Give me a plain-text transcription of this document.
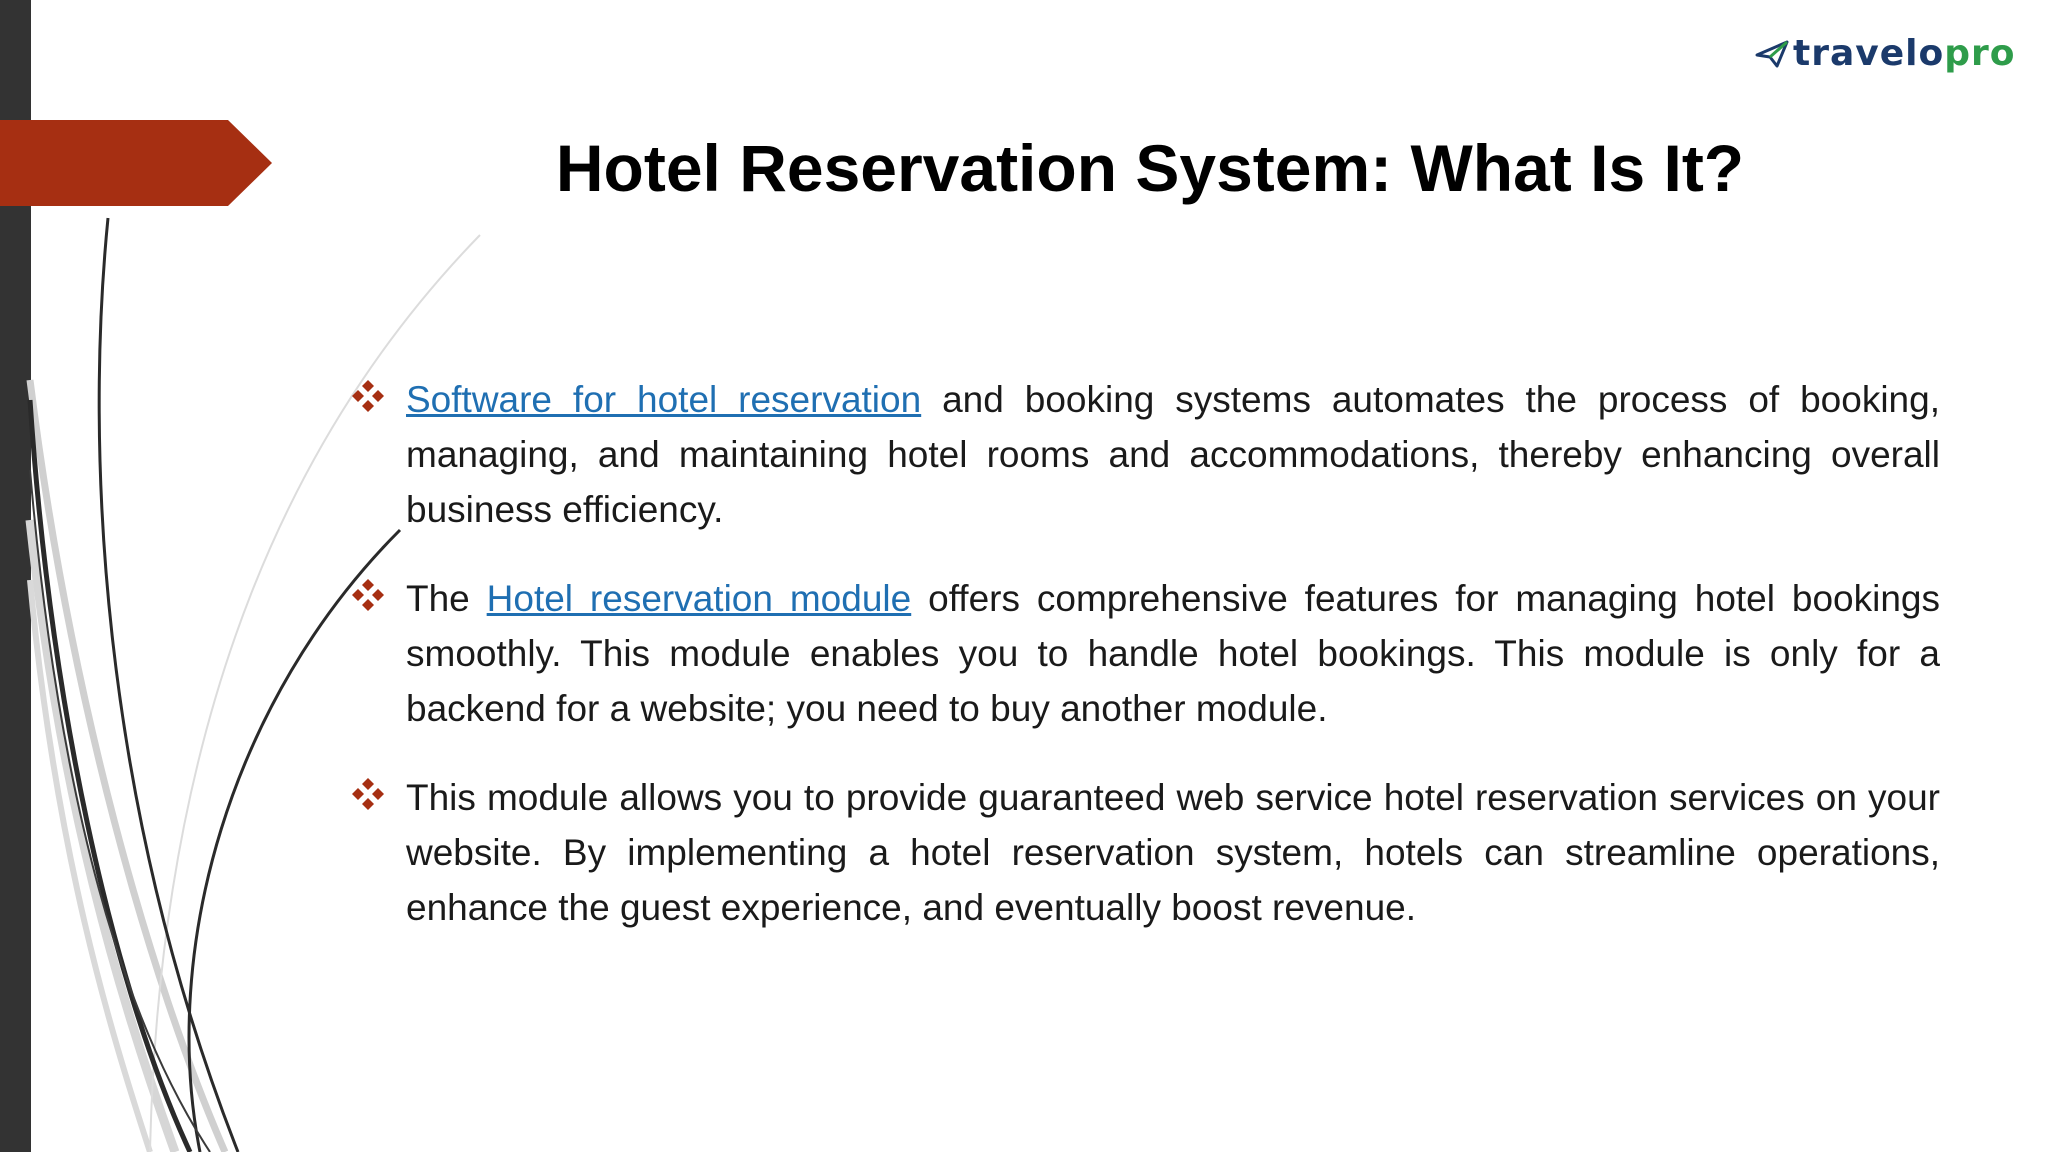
travelopro
Hotel Reservation System: What Is It?
Software for hotel reservation and booking systems automates the process of booking, managing, and maintaining hotel rooms and accommodations, thereby enhancing overall business efficiency.
The Hotel reservation module offers comprehensive features for managing hotel bookings smoothly. This module enables you to handle hotel bookings. This module is only for a backend for a website; you need to buy another module.
This module allows you to provide guaranteed web service hotel reservation services on your website. By implementing a hotel reservation system, hotels can streamline operations, enhance the guest experience, and eventually boost revenue.
